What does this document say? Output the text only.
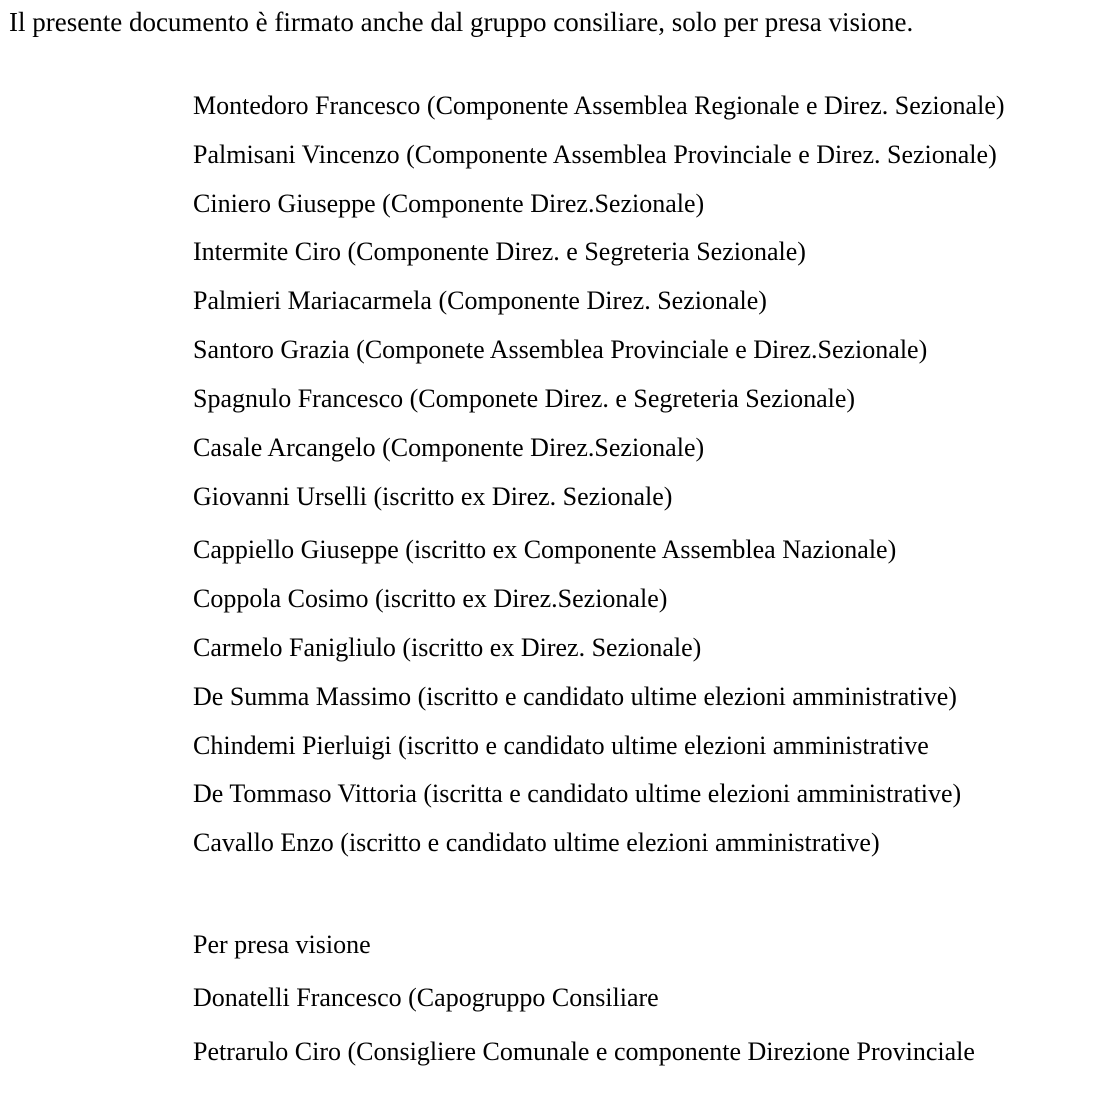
Il presente documento è firmato anche dal gruppo consiliare, solo per presa visione.

Montedoro Francesco (Componente Assemblea Regionale e Direz. Sezionale)

Palmisani Vincenzo (Componente Assemblea Provinciale e Direz. Sezionale)

Ciniero Giuseppe (Componente Direz.Sezionale)

Intermite Ciro (Componente Direz. e Segreteria Sezionale)

Palmieri Mariacarmela (Componente Direz. Sezionale)

Santoro Grazia (Componete Assemblea Provinciale e Direz.Sezionale)

Spagnulo Francesco (Componete Direz. e Segreteria Sezionale)

Casale Arcangelo (Componente Direz.Sezionale)

Giovanni Urselli (iscritto ex Direz. Sezionale)

Cappiello Giuseppe (iscritto ex Componente Assemblea Nazionale)

Coppola Cosimo (iscritto ex Direz.Sezionale)

Carmelo Fanigliulo (iscritto ex Direz. Sezionale)

De Summa Massimo (iscritto e candidato ultime elezioni amministrative)

Chindemi Pierluigi (iscritto e candidato ultime elezioni amministrative

De Tommaso Vittoria (iscritta e candidato ultime elezioni amministrative)

Cavallo Enzo (iscritto e candidato ultime elezioni amministrative)

Per presa visione

Donatelli Francesco (Capogruppo Consiliare

Petrarulo Ciro (Consigliere Comunale e componente Direzione Provinciale
